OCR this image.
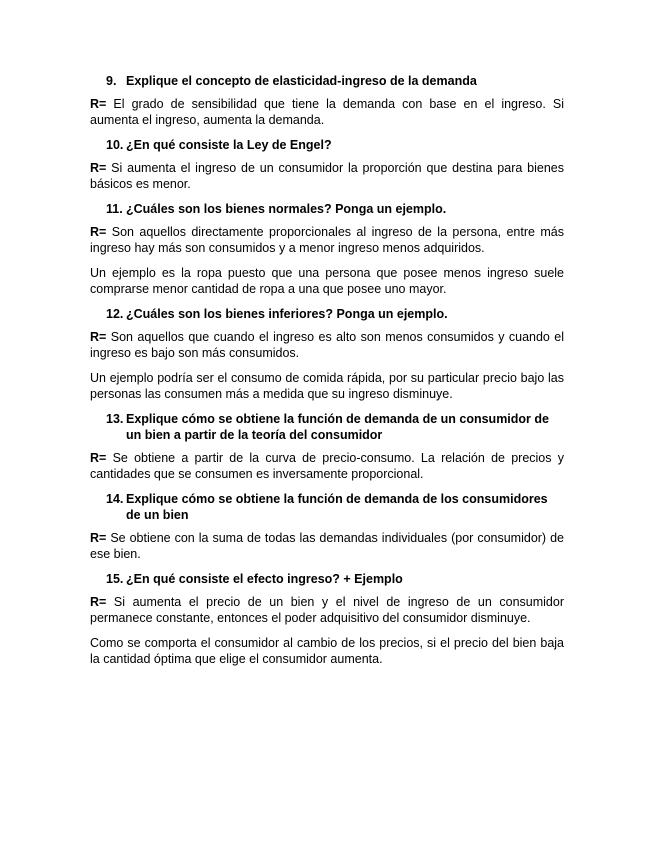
9. Explique el concepto de elasticidad-ingreso de la demanda
R= El grado de sensibilidad que tiene la demanda con base en el ingreso. Si aumenta el ingreso, aumenta la demanda.
10. ¿En qué consiste la Ley de Engel?
R= Si aumenta el ingreso de un consumidor la proporción que destina para bienes básicos es menor.
11. ¿Cuáles son los bienes normales? Ponga un ejemplo.
R= Son aquellos directamente proporcionales al ingreso de la persona, entre más ingreso hay más son consumidos y a menor ingreso menos adquiridos.
Un ejemplo es la ropa puesto que una persona que posee menos ingreso suele comprarse menor cantidad de ropa a una que posee uno mayor.
12. ¿Cuáles son los bienes inferiores? Ponga un ejemplo.
R= Son aquellos que cuando el ingreso es alto son menos consumidos y cuando el ingreso es bajo son más consumidos.
Un ejemplo podría ser el consumo de comida rápida, por su particular precio bajo las personas las consumen más a medida que su ingreso disminuye.
13. Explique cómo se obtiene la función de demanda de un consumidor de un bien a partir de la teoría del consumidor
R= Se obtiene a partir de la curva de precio-consumo. La relación de precios y cantidades que se consumen es inversamente proporcional.
14. Explique cómo se obtiene la función de demanda de los consumidores de un bien
R= Se obtiene con la suma de todas las demandas individuales (por consumidor) de ese bien.
15. ¿En qué consiste el efecto ingreso? + Ejemplo
R= Si aumenta el precio de un bien y el nivel de ingreso de un consumidor permanece constante, entonces el poder adquisitivo del consumidor disminuye.
Como se comporta el consumidor al cambio de los precios, si el precio del bien baja la cantidad óptima que elige el consumidor aumenta.
